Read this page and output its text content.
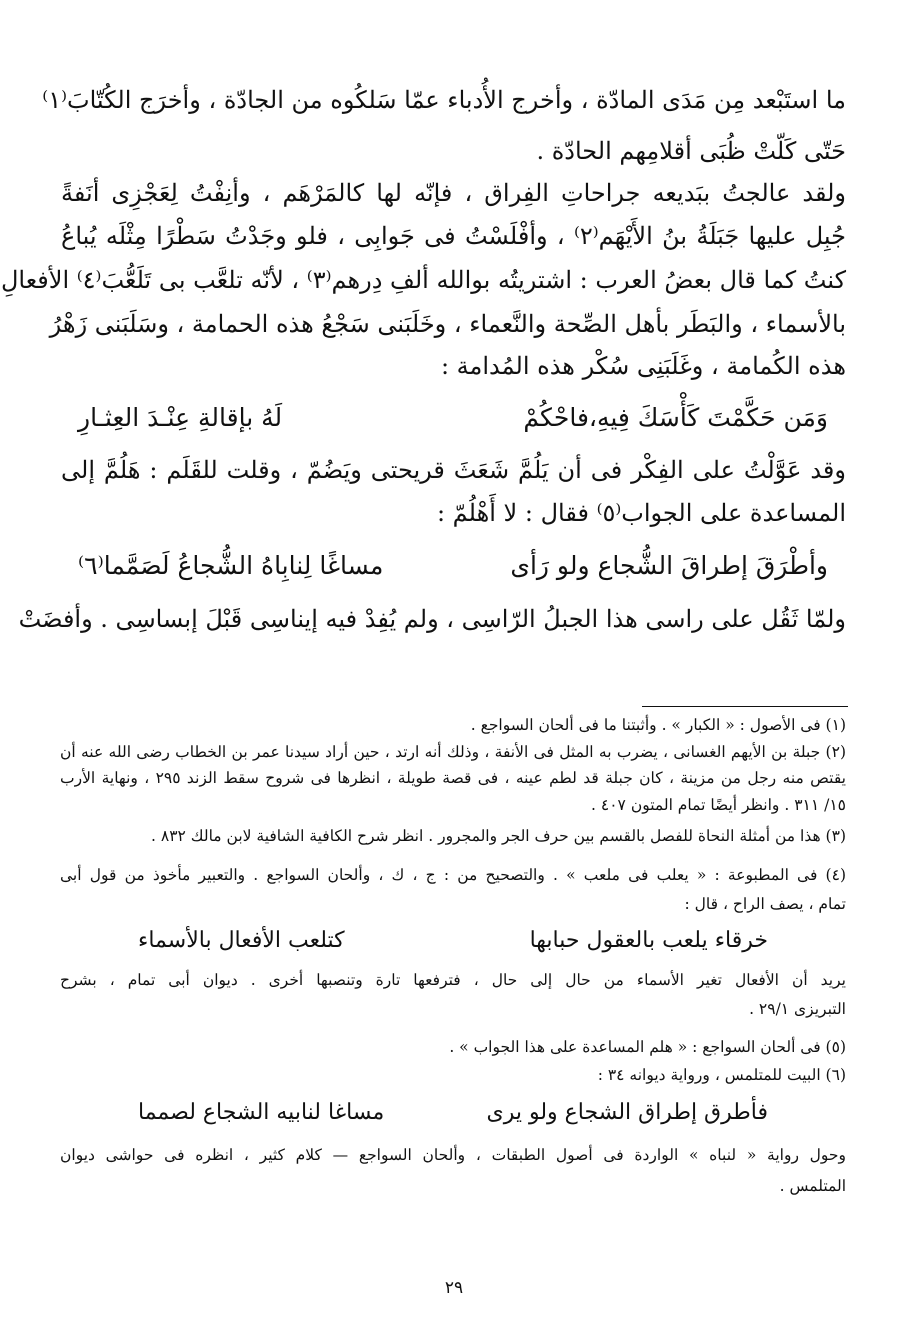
ما استَبْعد مِن مَدَى المادّة ، وأخرج الأُدباء عمّا سَلكُوه من الجادّة ، وأخرَج الكُتّابَ⁽١⁾
حَتّى كَلّتْ ظُبَى أقلامِهم الحادّة .
ولقد عالجتُ ببَديعه جراحاتِ الفِراق ، فإنّه لها كالمَرْهَم ، وأنِفْتُ لِعَجْزِى أنَفةً
جُبِل عليها جَبَلَةُ بنُ الأَيْهَم⁽٢⁾ ، وأفْلَسْتُ فى جَوابِى ، فلو وجَدْتُ سَطْرًا مِثْلَه يُباعُ
كنتُ كما قال بعضُ العرب : اشتريتُه بوالله ألفِ دِرهم⁽٣⁾ ، لأنّه تلعَّب بى تَلَعُّبَ⁽٤⁾ الأفعالِ
بالأسماء ، والبَطَر بأهل الصِّحة والنَّعماء ، وخَلَبَنى سَجْعُ هذه الحمامة ، وسَلَبَنى زَهْرُ
هذه الكُمامة ، وغَلَبَنِى سُكْر هذه المُدامة :
وَمَن حَكَّمْتَ كَأْسَكَ فِيهِ،فاحْكُمْ
لَهُ بإقالةِ عِنْـدَ العِثـارِ
وقد عَوَّلْتُ على الفِكْر فى أن يَلُمَّ شَعَثَ قريحتى ويَضُمّ ، وقلت للقَلَم : هَلُمَّ إلى
المساعدة على الجواب⁽٥⁾ فقال : لا أَهْلُمّ :
وأطْرَقَ إطراقَ الشُّجاع ولو رَأى
مساغًا لِنابِاهُ الشُّجاعُ لَصَمَّما⁽٦⁾
ولمّا ثَقُل على راسى هذا الجبلُ الرّاسِى ، ولم يُفِدْ فيه إيناسِى قَبْلَ إبساسِى . وأفضَتْ
(١) فى الأصول : « الكبار » . وأثبتنا ما فى ألحان السواجع .
(٢) جبلة بن الأيهم الغسانى ، يضرب به المثل فى الأنفة ، وذلك أنه ارتد ، حين أراد سيدنا عمر بن الخطاب رضى الله عنه أن
يقتص منه رجل من مزينة ، كان جبلة قد لطم عينه ، فى قصة طويلة ، انظرها فى شروح سقط الزند ٢٩٥ ، ونهاية الأرب
١٥/ ٣١١ . وانظر أيضًا تمام المتون ٤٠٧ .
(٣) هذا من أمثلة النحاة للفصل بالقسم بين حرف الجر والمجرور . انظر شرح الكافية الشافية لابن مالك ٨٣٢ .
(٤) فى المطبوعة : « يعلب فى ملعب » . والتصحيح من : ج ، ك ، وألحان السواجع . والتعبير مأخوذ من قول أبى
تمام ، يصف الراح ، قال :
خرقاء يلعب بالعقول حبابها
كتلعب الأفعال بالأسماء
يريد أن الأفعال تغير الأسماء من حال إلى حال ، فترفعها تارة وتنصبها أخرى . ديوان أبى تمام ، بشرح
التبريزى ٢٩/١ .
(٥) فى ألحان السواجع : « هلم المساعدة على هذا الجواب » .
(٦) البيت للمتلمس ، ورواية ديوانه ٣٤ :
فأطرق إطراق الشجاع ولو يرى
مساغا لنابيه الشجاع لصمما
وحول رواية « لنباه » الواردة فى أصول الطبقات ، وألحان السواجع — كلام كثير ، انظره فى حواشى ديوان
المتلمس .
٢٩
